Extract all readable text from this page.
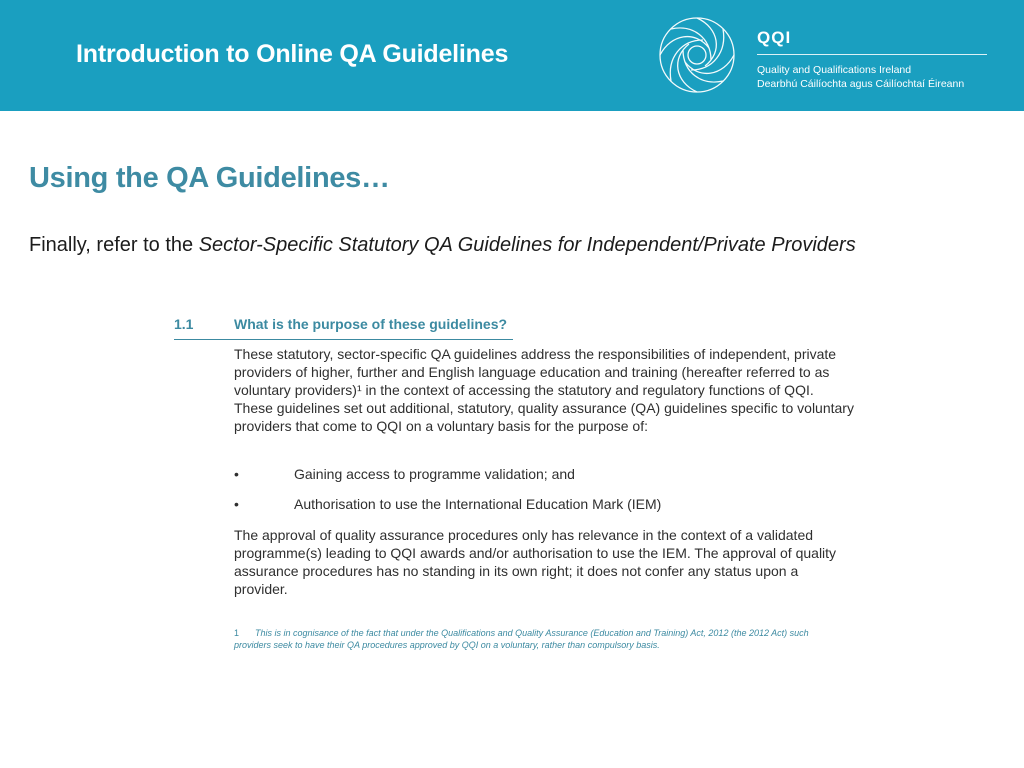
Introduction to Online QA Guidelines
QQI
Quality and Qualifications Ireland
Dearbhú Cáilíochta agus Cáilíochtaí Éireann
Using the QA Guidelines…
Finally, refer to the Sector-Specific Statutory QA Guidelines for Independent/Private Providers
1.1	What is the purpose of these guidelines?
These statutory, sector-specific QA guidelines address the responsibilities of independent, private providers of higher, further and English language education and training (hereafter referred to as voluntary providers)¹ in the context of accessing the statutory and regulatory functions of QQI. These guidelines set out additional, statutory, quality assurance (QA) guidelines specific to voluntary providers that come to QQI on a voluntary basis for the purpose of:
•	Gaining access to programme validation; and
•	Authorisation to use the International Education Mark (IEM)
The approval of quality assurance procedures only has relevance in the context of a validated programme(s) leading to QQI awards and/or authorisation to use the IEM. The approval of quality assurance procedures has no standing in its own right; it does not confer any status upon a provider.
1 This is in cognisance of the fact that under the Qualifications and Quality Assurance (Education and Training) Act, 2012 (the 2012 Act) such providers seek to have their QA procedures approved by QQI on a voluntary, rather than compulsory basis.
